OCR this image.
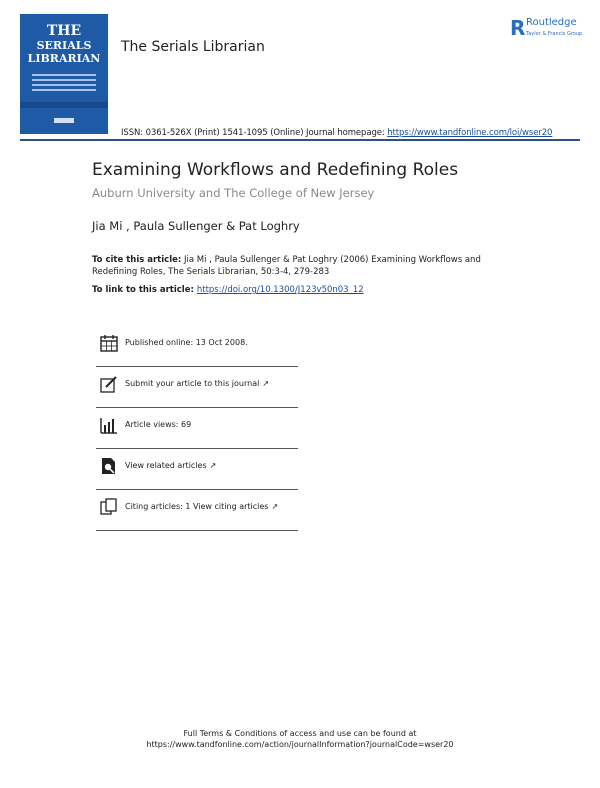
THE
SERIALS
LIBRARIAN
The Serials Librarian
R Routledge
Taylor & Francis Group
ISSN: 0361-526X (Print) 1541-1095 (Online) Journal homepage: https://www.tandfonline.com/loi/wser20
Examining Workflows and Redefining Roles
Auburn University and The College of New Jersey
Jia Mi , Paula Sullenger & Pat Loghry
To cite this article: Jia Mi , Paula Sullenger & Pat Loghry (2006) Examining Workflows and Redefining Roles, The Serials Librarian, 50:3-4, 279-283
To link to this article: https://doi.org/10.1300/J123v50n03_12
Published online: 13 Oct 2008.
Submit your article to this journal ↗
Article views: 69
View related articles ↗
Citing articles: 1 View citing articles ↗
Full Terms & Conditions of access and use can be found at
https://www.tandfonline.com/action/journalInformation?journalCode=wser20
